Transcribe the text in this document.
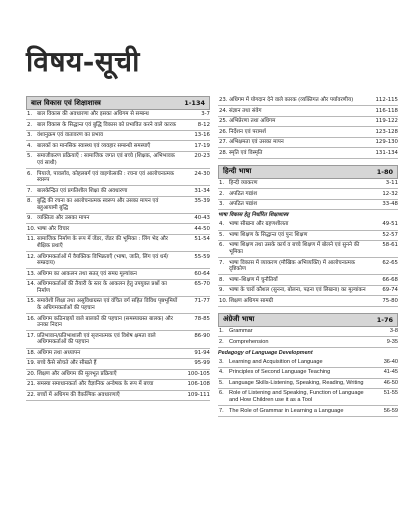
विषय-सूची
बाल विकास एवं शिक्षाशास्त्र	1-134
1. बाल विकास की अवधारणा और इसका अधिगम से सम्बन्ध	3-7
2. बाल विकास के सिद्धान्त एवं बुद्धि विकास को प्रभावित करने वाले कारक	8-12
3. वंशानुक्रम एवं वातावरण का प्रभाव	13-16
4. बालकों का मानसिक स्वास्थ्य एवं व्यवहार सम्बन्धी समस्याएँ	17-19
5. समाजीकरण प्रक्रियाएँ : सामाजिक जगत एवं बच्चे (शिक्षक, अभिभावक एवं साथी)
20-23
6. पियाजे, पावलॉव, कोहलबर्ग एवं वाइगोत्सकी : रचना एवं आलोचनात्मक स्वरूप
24-30
7. बालकेन्द्रित एवं प्रगतिशील शिक्षा की अवधारणा	31-34
8. बुद्धि की रचना का आलोचनात्मक स्वरूप और उसका मापन एवं बहुआयामी बुद्धि
35-39
9. व्यक्तित्व और उसका मापन	40-43
10. भाषा और विचार	44-50
11. सामाजिक निर्माण के रूप में जेंडर, जेंडर की भूमिका : लिंग भेद और शैक्षिक प्रथाएँ
51-54
12. अधिगमकर्ताओं में वैयक्तिक विभिन्नताएँ (भाषा, जाति, लिंग एवं धर्म/सम्प्रदाय)
55-59
13. अधिगम का आकलन तथा सतत् एवं समग्र मूल्यांकन	60-64
14. अधिगमकर्ताओं की तैयारी के स्तर के आकलन हेतु उपयुक्त प्रश्नों का निर्माण
65-70
15. समावेशी शिक्षा तथा असुविधाग्रस्त एवं वंचित वर्ग सहित विविध पृष्ठभूमियों के अधिगमकर्ताओं की पहचान
71-77
16. अधिगम कठिनाइयों वाले बालकों की पहचान (समस्याग्रस्त बालक) और उनका निदान
78-85
17. प्रतिभावान/प्रतिभाशाली एवं सृजनात्मक एवं विशेष क्षमता वाले अधिगमकर्ताओं की पहचान
86-90
18. अधिगम तथा अध्यापन	91-94
19. बच्चे कैसे सोचते और सीखते हैं	95-99
20. शिक्षण और अधिगम की मूलभूत प्रक्रियाएँ	100-105
21. समस्या समाधानकर्ता और वैज्ञानिक अन्वेषक के रूप में बच्चा	106-108
22. बच्चों में अधिगम की वैकल्पिक अवधारणाएँ	109-111
23. अधिगम में योगदान देने वाले कारक (व्यक्तिगत और पर्यावरणीय)	112-115
24. संज्ञान तथा संवेग	116-118
25. अभिप्रेरणा तथा अधिगम	119-122
26. निर्देशन एवं परामर्श	123-128
27. अभिक्षमता एवं उसका मापन	129-130
28. स्मृति एवं विस्मृति	131-134
हिन्दी भाषा	1-80
1. हिन्दी व्याकरण	3-11
2. अपठित गद्यांश	12-32
3. अपठित पद्यांश	33-48
भाषा विकास हेतु निर्धारित शिक्षाशास्त्र
4. भाषा सीखना और ग्रहणशीलता	49-51
5. भाषा शिक्षण के सिद्धान्त एवं पुनः शिक्षण	52-57
6. भाषा शिक्षण तथा उसके कार्य व बच्चे शिक्षण में बोलने एवं सुनने की भूमिका
58-61
7. भाषा विकास में व्याकरण (मौखिक अभिव्यक्ति) में आलोचनात्मक दृष्टिकोण
62-65
8. भाषा–शिक्षण में चुनौतियाँ	66-68
9. भाषा के चारों कौशल (सुनना, बोलना, पढ़ना एवं लिखना) का मूल्यांकन	69-74
10. शिक्षण अधिगम सामग्री	75-80
अंग्रेजी भाषा	1-76
1. Grammar	3-8
2. Comprehension	9-35
Pedagogy of Language Development
3. Learning and Acquisition of Language	36-40
4. Principles of Second Language Teaching	41-45
5. Language Skills-Listening, Speaking, Reading, Writing	46-50
6. Role of Listening and Speaking, Function of Language and How Children use it as a Tool
51-55
7. The Role of Grammar in Learning a Language	56-59
